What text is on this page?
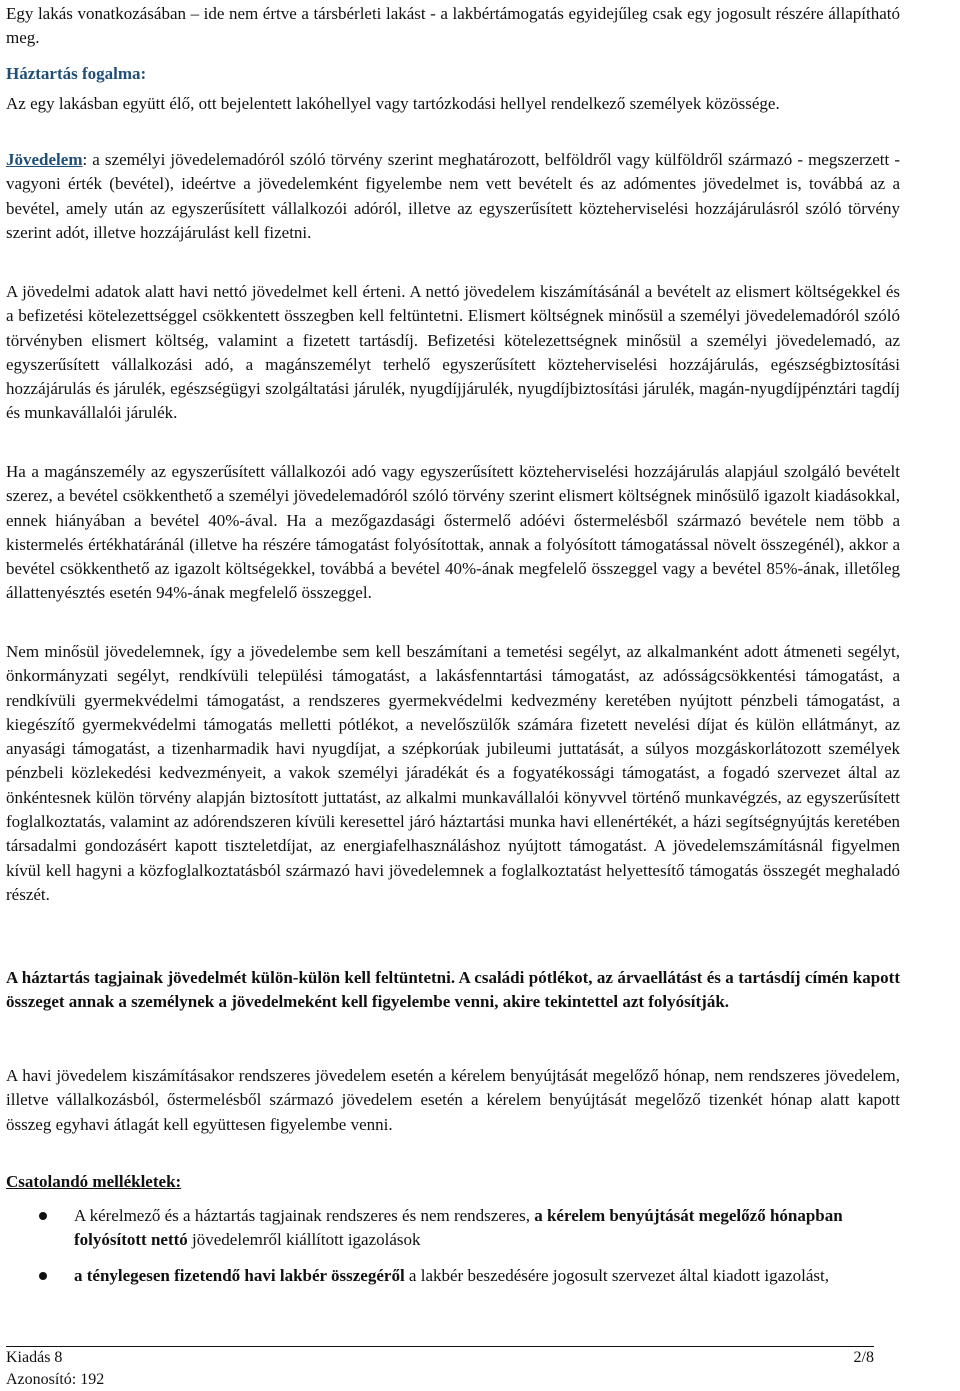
Egy lakás vonatkozásában – ide nem értve a társbérleti lakást - a lakbértámogatás egyidejűleg csak egy jogosult részére állapítható meg.

Háztartás fogalma:

Az egy lakásban együtt élő, ott bejelentett lakóhellyel vagy tartózkodási hellyel rendelkező személyek közössége.

Jövedelem: a személyi jövedelemadóról szóló törvény szerint meghatározott, belföldről vagy külföldről származó - megszerzett - vagyoni érték (bevétel), ideértve a jövedelemként figyelembe nem vett bevételt és az adómentes jövedelmet is, továbbá az a bevétel, amely után az egyszerűsített vállalkozói adóról, illetve az egyszerűsített közteherviselési hozzájárulásról szóló törvény szerint adót, illetve hozzájárulást kell fizetni.

A jövedelmi adatok alatt havi nettó jövedelmet kell érteni. A nettó jövedelem kiszámításánál a bevételt az elismert költségekkel és a befizetési kötelezettséggel csökkentett összegben kell feltüntetni. Elismert költségnek minősül a személyi jövedelemadóról szóló törvényben elismert költség, valamint a fizetett tartásdíj. Befizetési kötelezettségnek minősül a személyi jövedelemadó, az egyszerűsített vállalkozási adó, a magánszemélyt terhelő egyszerűsített közteherviselési hozzájárulás, egészségbiztosítási hozzájárulás és járulék, egészségügyi szolgáltatási járulék, nyugdíjjárulék, nyugdíjbiztosítási járulék, magán-nyugdíjpénztári tagdíj és munkavállalói járulék.

Ha a magánszemély az egyszerűsített vállalkozói adó vagy egyszerűsített közteherviselési hozzájárulás alapjául szolgáló bevételt szerez, a bevétel csökkenthető a személyi jövedelemadóról szóló törvény szerint elismert költségnek minősülő igazolt kiadásokkal, ennek hiányában a bevétel 40%-ával. Ha a mezőgazdasági őstermelő adóévi őstermelésből származó bevétele nem több a kistermelés értékhatáránál (illetve ha részére támogatást folyósítottak, annak a folyósított támogatással növelt összegénél), akkor a bevétel csökkenthető az igazolt költségekkel, továbbá a bevétel 40%-ának megfelelő összeggel vagy a bevétel 85%-ának, illetőleg állattenyésztés esetén 94%-ának megfelelő összeggel.

Nem minősül jövedelemnek, így a jövedelembe sem kell beszámítani a temetési segélyt, az alkalmanként adott átmeneti segélyt, önkormányzati segélyt, rendkívüli települési támogatást, a lakásfenntartási támogatást, az adósságcsökkentési támogatást, a rendkívüli gyermekvédelmi támogatást, a rendszeres gyermekvédelmi kedvezmény keretében nyújtott pénzbeli támogatást, a kiegészítő gyermekvédelmi támogatás melletti pótlékot, a nevelőszülők számára fizetett nevelési díjat és külön ellátmányt, az anyasági támogatást, a tizenharmadik havi nyugdíjat, a szépkorúak jubileumi juttatását, a súlyos mozgáskorlátozott személyek pénzbeli közlekedési kedvezményeit, a vakok személyi járadékát és a fogyatékossági támogatást, a fogadó szervezet által az önkéntesnek külön törvény alapján biztosított juttatást, az alkalmi munkavállalói könyvvel történő munkavégzés, az egyszerűsített foglalkoztatás, valamint az adórendszeren kívüli keresettel járó háztartási munka havi ellenértékét, a házi segítségnyújtás keretében társadalmi gondozásért kapott tiszteletdíjat, az energiafelhasználáshoz nyújtott támogatást. A jövedelemszámításnál figyelmen kívül kell hagyni a közfoglalkoztatásból származó havi jövedelemnek a foglalkoztatást helyettesítő támogatás összegét meghaladó részét.

A háztartás tagjainak jövedelmét külön-külön kell feltüntetni. A családi pótlékot, az árvaellátást és a tartásdíj címén kapott összeget annak a személynek a jövedelmeként kell figyelembe venni, akire tekintettel azt folyósítják.

A havi jövedelem kiszámításakor rendszeres jövedelem esetén a kérelem benyújtását megelőző hónap, nem rendszeres jövedelem, illetve vállalkozásból, őstermelésből származó jövedelem esetén a kérelem benyújtását megelőző tizenkét hónap alatt kapott összeg egyhavi átlagát kell együttesen figyelembe venni.

Csatolandó mellékletek:

A kérelmező és a háztartás tagjainak rendszeres és nem rendszeres, a kérelem benyújtását megelőző hónapban folyósított nettó jövedelemről kiállított igazolások
a ténylegesen fizetendő havi lakbér összegéről a lakbér beszedésére jogosult szervezet által kiadott igazolást,
Kiadás 8	2/8
Azonosító: 192
